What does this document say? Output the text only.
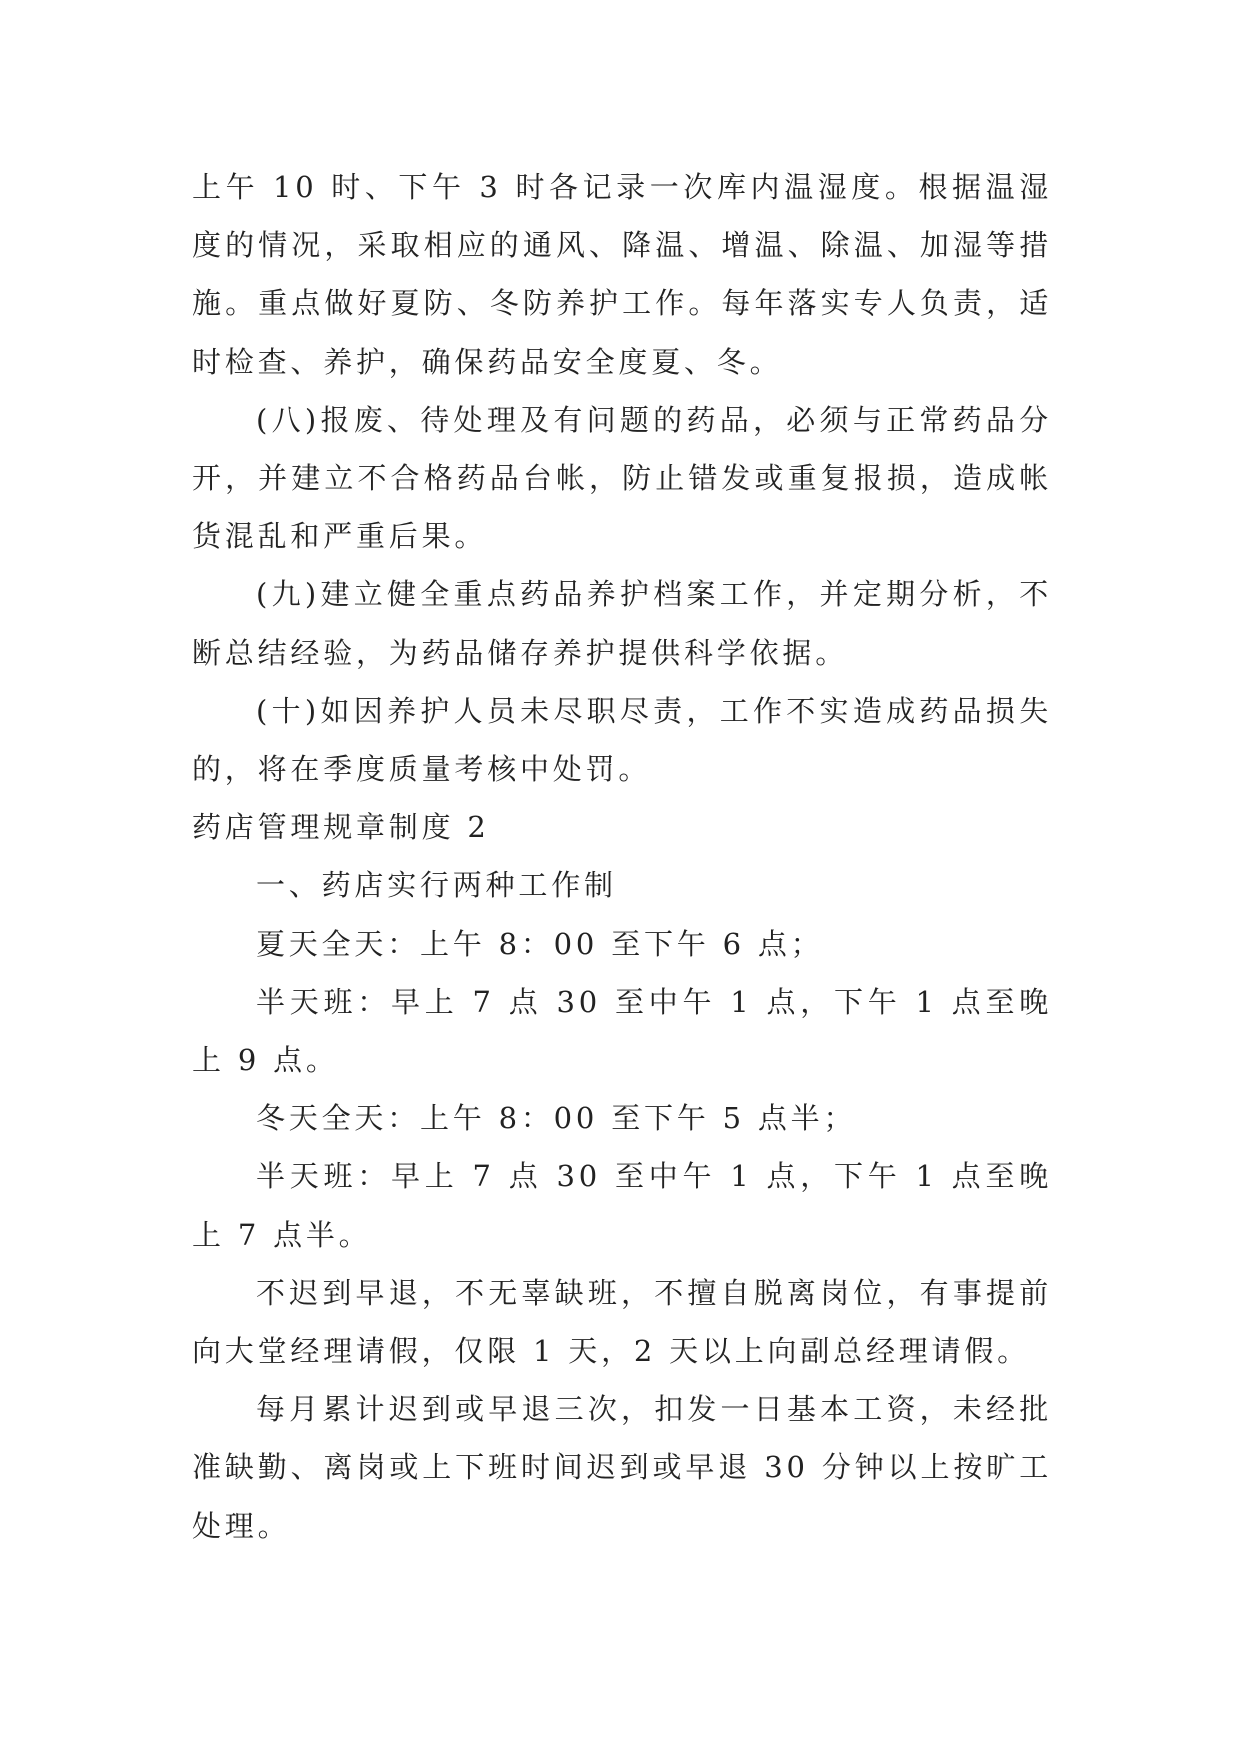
上午 10 时、下午 3 时各记录一次库内温湿度。根据温湿度的情况，采取相应的通风、降温、增温、除温、加湿等措施。重点做好夏防、冬防养护工作。每年落实专人负责，适时检查、养护，确保药品安全度夏、冬。

(八)报废、待处理及有问题的药品，必须与正常药品分开，并建立不合格药品台帐，防止错发或重复报损，造成帐货混乱和严重后果。

(九)建立健全重点药品养护档案工作，并定期分析，不断总结经验，为药品储存养护提供科学依据。

(十)如因养护人员未尽职尽责，工作不实造成药品损失的，将在季度质量考核中处罚。

药店管理规章制度 2

一、药店实行两种工作制

夏天全天：上午 8：00 至下午 6 点；

半天班：早上 7 点 30 至中午 1 点，下午 1 点至晚上 9 点。

冬天全天：上午 8：00 至下午 5 点半；

半天班：早上 7 点 30 至中午 1 点，下午 1 点至晚上 7 点半。

不迟到早退，不无辜缺班，不擅自脱离岗位，有事提前向大堂经理请假，仅限 1 天，2 天以上向副总经理请假。

每月累计迟到或早退三次，扣发一日基本工资，未经批准缺勤、离岗或上下班时间迟到或早退 30 分钟以上按旷工处理。
